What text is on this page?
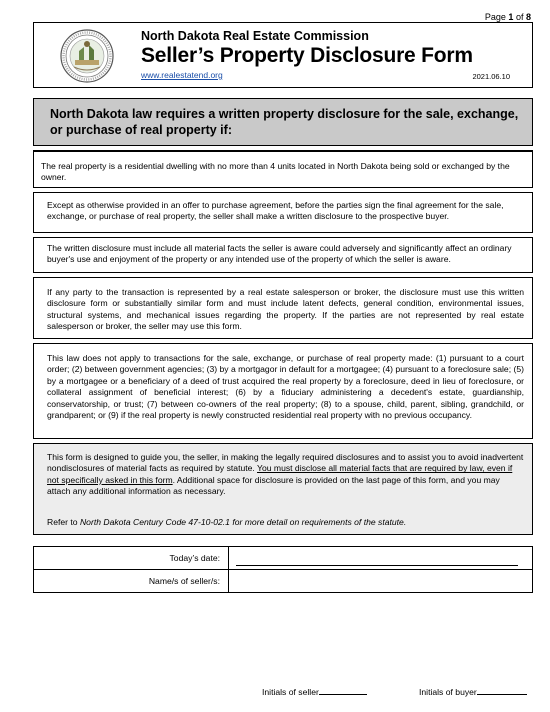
Page 1 of 8
North Dakota Real Estate Commission
Seller’s Property Disclosure Form
www.realestatend.org	2021.06.10
North Dakota law requires a written property disclosure for the sale, exchange, or purchase of real property if:

The real property is a residential dwelling with no more than 4 units located in North Dakota being sold or exchanged by the owner.

Except as otherwise provided in an offer to purchase agreement, before the parties sign the final agreement for the sale, exchange, or purchase of real property, the seller shall make a written disclosure to the prospective buyer.

The written disclosure must include all material facts the seller is aware could adversely and significantly affect an ordinary buyer's use and enjoyment of the property or any intended use of the property of which the seller is aware.

If any party to the transaction is represented by a real estate salesperson or broker, the disclosure must use this written disclosure form or substantially similar form and must include latent defects, general condition, environmental issues, structural systems, and mechanical issues regarding the property. If the parties are not represented by real estate salesperson or broker, the seller may use this form.

This law does not apply to transactions for the sale, exchange, or purchase of real property made: (1) pursuant to a court order; (2) between government agencies; (3) by a mortgagor in default for a mortgagee; (4) pursuant to a foreclosure sale; (5) by a mortgagee or a beneficiary of a deed of trust acquired the real property by a foreclosure, deed in lieu of foreclosure, or collateral assignment of beneficial interest; (6) by a fiduciary administering a decedent's estate, guardianship, conservatorship, or trust; (7) between co-owners of the real property; (8) to a spouse, child, parent, sibling, grandchild, or grandparent; or (9) if the real property is newly constructed residential real property with no previous occupancy.

This form is designed to guide you, the seller, in making the legally required disclosures and to assist you to avoid inadvertent nondisclosures of material facts as required by statute. You must disclose all material facts that are required by law, even if not specifically asked in this form. Additional space for disclosure is provided on the last page of this form, and you may attach any additional information as necessary.

Refer to North Dakota Century Code 47-10-02.1 for more detail on requirements of the statute.

Today’s date:
Name/s of seller/s:
Initials of seller	Initials of buyer
